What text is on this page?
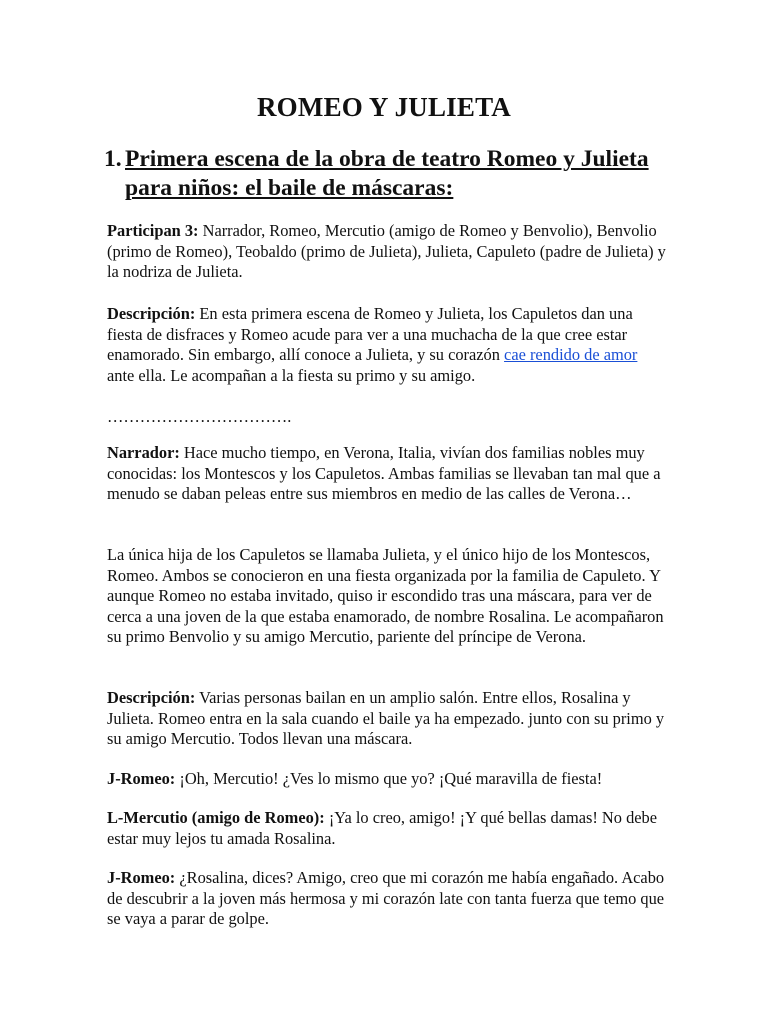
ROMEO Y JULIETA
1. Primera escena de la obra de teatro Romeo y Julieta para niños: el baile de máscaras:

Participan 3: Narrador, Romeo, Mercutio (amigo de Romeo y Benvolio), Benvolio (primo de Romeo), Teobaldo (primo de Julieta), Julieta, Capuleto (padre de Julieta) y la nodriza de Julieta.

Descripción: En esta primera escena de Romeo y Julieta, los Capuletos dan una fiesta de disfraces y Romeo acude para ver a una muchacha de la que cree estar enamorado. Sin embargo, allí conoce a Julieta, y su corazón cae rendido de amor ante ella. Le acompañan a la fiesta su primo y su amigo.

…………………………….

Narrador: Hace mucho tiempo, en Verona, Italia, vivían dos familias nobles muy conocidas: los Montescos y los Capuletos. Ambas familias se llevaban tan mal que a menudo se daban peleas entre sus miembros en medio de las calles de Verona…

La única hija de los Capuletos se llamaba Julieta, y el único hijo de los Montescos, Romeo. Ambos se conocieron en una fiesta organizada por la familia de Capuleto. Y aunque Romeo no estaba invitado, quiso ir escondido tras una máscara, para ver de cerca a una joven de la que estaba enamorado, de nombre Rosalina. Le acompañaron su primo Benvolio y su amigo Mercutio, pariente del príncipe de Verona.

Descripción: Varias personas bailan en un amplio salón. Entre ellos, Rosalina y Julieta. Romeo entra en la sala cuando el baile ya ha empezado. junto con su primo y su amigo Mercutio. Todos llevan una máscara.

J-Romeo: ¡Oh, Mercutio! ¿Ves lo mismo que yo? ¡Qué maravilla de fiesta!

L-Mercutio (amigo de Romeo): ¡Ya lo creo, amigo! ¡Y qué bellas damas! No debe estar muy lejos tu amada Rosalina.

J-Romeo: ¿Rosalina, dices? Amigo, creo que mi corazón me había engañado. Acabo de descubrir a la joven más hermosa y mi corazón late con tanta fuerza que temo que se vaya a parar de golpe.
